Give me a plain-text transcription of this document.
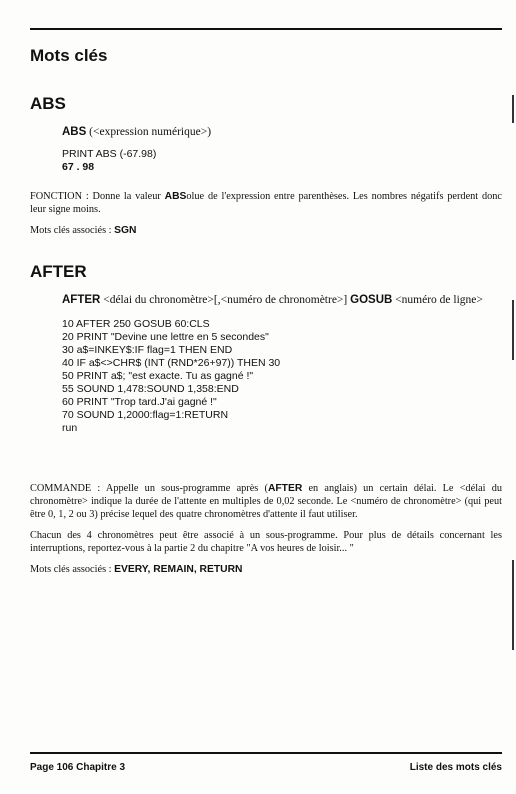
Mots clés
ABS
ABS (<expression numérique>)
PRINT ABS (-67.98)
67 . 98

FONCTION : Donne la valeur ABSolue de l'expression entre parenthèses. Les nombres négatifs perdent donc leur signe moins.

Mots clés associés : SGN

AFTER
AFTER <délai du chronomètre>[,<numéro de chronomètre>] GOSUB <numéro de ligne>
10 AFTER 250 GOSUB 60:CLS
20 PRINT "Devine une lettre en 5 secondes"
30 a$=INKEY$:IF flag=1 THEN END
40 IF a$<>CHR$ (INT (RND*26+97)) THEN 30
50 PRINT a$; "est exacte. Tu as gagné !"
55 SOUND 1,478:SOUND 1,358:END
60 PRINT "Trop tard.J'ai gagné !"
70 SOUND 1,2000:flag=1:RETURN
run

COMMANDE : Appelle un sous-programme après (AFTER en anglais) un certain délai. Le <délai du chronomètre> indique la durée de l'attente en multiples de 0,02 seconde. Le <numéro de chronomètre> (qui peut être 0, 1, 2 ou 3) précise lequel des quatre chronomètres d'attente il faut utiliser.

Chacun des 4 chronomètres peut être associé à un sous-programme. Pour plus de détails concernant les interruptions, reportez-vous à la partie 2 du chapitre "A vos heures de loisir... "

Mots clés associés : EVERY, REMAIN, RETURN

Page 106 Chapitre 3	Liste des mots clés
